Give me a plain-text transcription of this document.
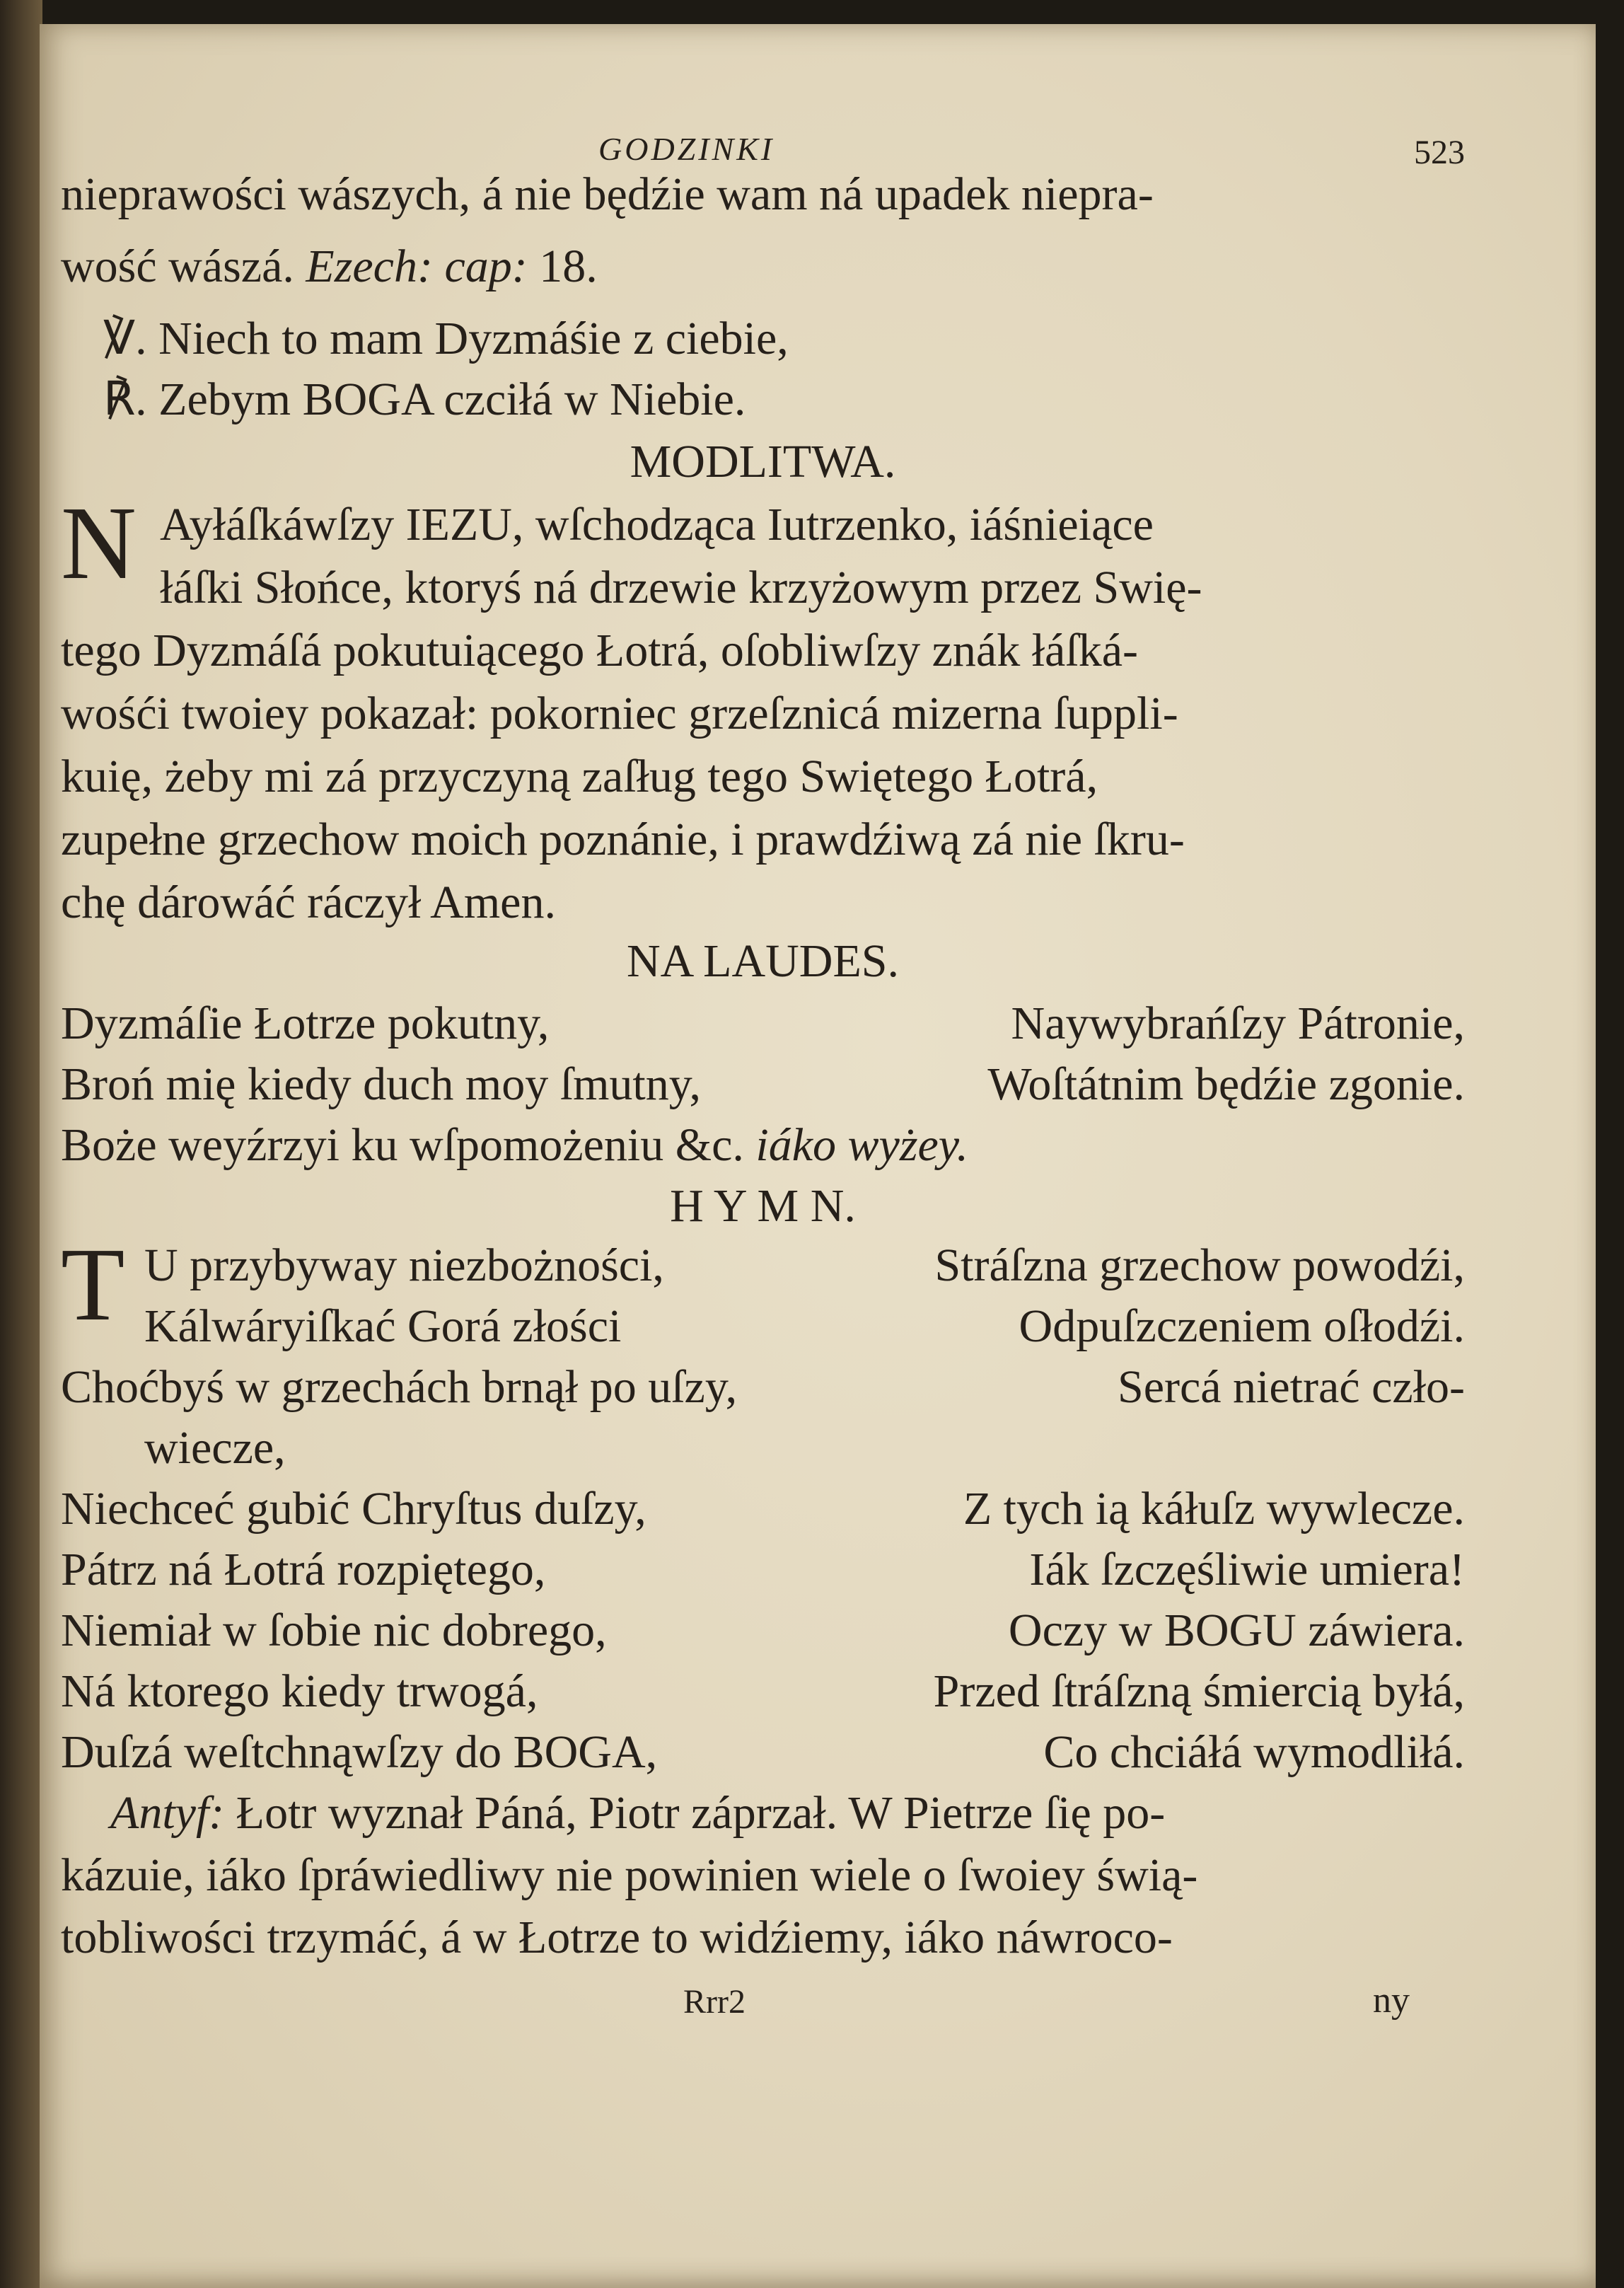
GODZINKI	523
nieprawości wászych, á nie będźie wam ná upadek niepra-
wość wászá. Ezech: cap: 18.
℣. Niech to mam Dyzmáśie z ciebie,
℟. Zebym BOGA czciłá w Niebie.
MODLITWA.
N Ayłáſkáwſzy IEZU, wſchodząca Iutrzenko, iáśnieiące
łáſki Słońce, ktoryś ná drzewie krzyżowym przez Swię-
tego Dyzmáſá pokutuiącego Łotrá, oſobliwſzy znák łáſká-
wośći twoiey pokazał: pokorniec grzeſznicá mizerna ſuppli-
kuię, żeby mi zá przyczyną zaſług tego Swiętego Łotrá,
zupełne grzechow moich poznánie, i prawdźiwą zá nie ſkru-
chę dárowáć ráczył Amen.
NA LAUDES.
Dyzmáſie Łotrze pokutny,	Naywybrańſzy Pátronie,
Broń mię kiedy duch moy ſmutny,	Woſtátnim będźie zgonie.
Boże weyźrzyi ku wſpomożeniu &c. iáko wyżey.
H Y M N.
T U przybyway niezbożności,	Stráſzna grzechow powodźi,
Kálwáryiſkać Gorá złości	Odpuſzczeniem oſłodźi.
Choćbyś w grzechách brnął po uſzy,	Sercá nietrać czło-
wiecze,
Niechceć gubić Chryſtus duſzy,	Z tych ią káłuſz wywlecze.
Pátrz ná Łotrá rozpiętego,	Iák ſzczęśliwie umiera!
Niemiał w ſobie nic dobrego,	Oczy w BOGU záwiera.
Ná ktorego kiedy trwogá,	Przed ſtráſzną śmiercią byłá,
Duſzá weſtchnąwſzy do BOGA,	Co chciáłá wymodliłá.
Antyf: Łotr wyznał Páná, Piotr záprzał. W Pietrze ſię po-
kázuie, iáko ſpráwiedliwy nie powinien wiele o ſwoiey świą-
tobliwości trzymáć, á w Łotrze to widźiemy, iáko náwroco-
Rrr2	ny
